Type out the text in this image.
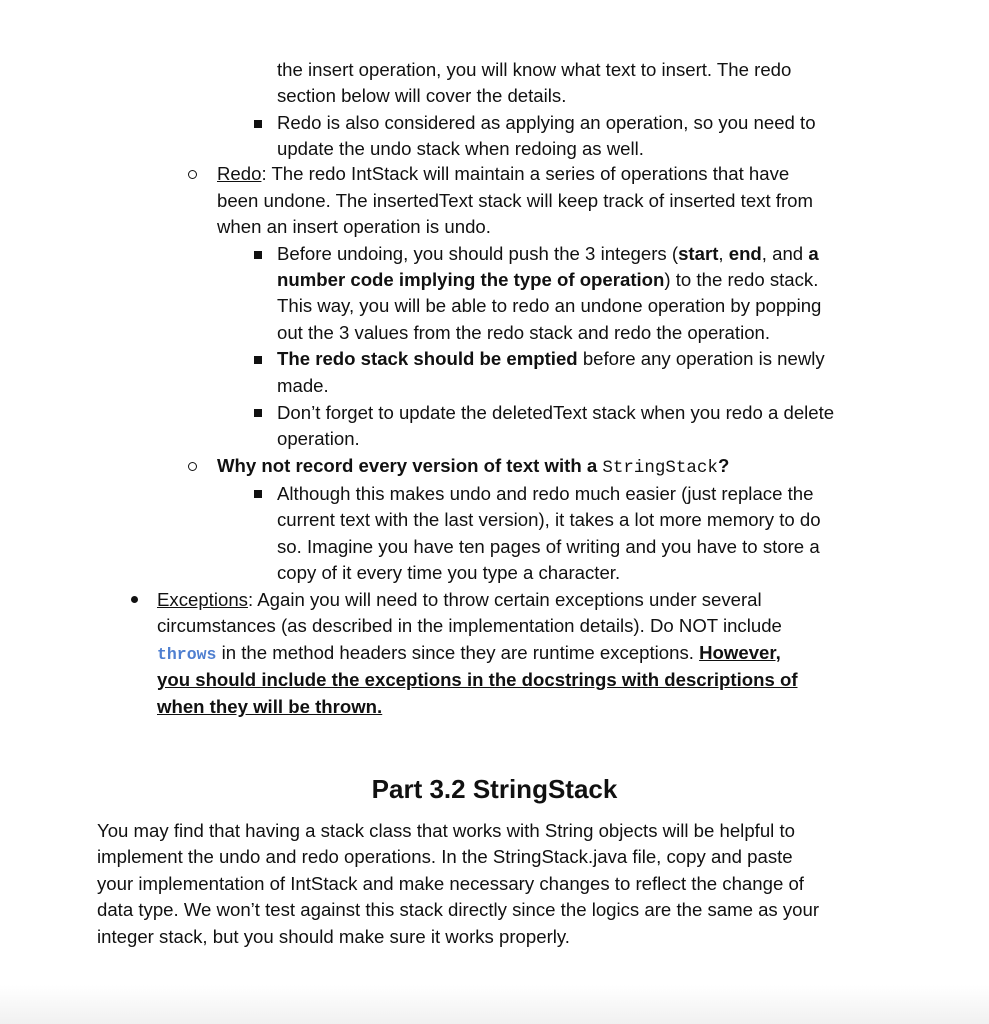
the insert operation, you will know what text to insert. The redo
section below will cover the details.
Redo is also considered as applying an operation, so you need to
update the undo stack when redoing as well.
Redo: The redo IntStack will maintain a series of operations that have
been undone. The insertedText stack will keep track of inserted text from
when an insert operation is undo.
Before undoing, you should push the 3 integers (start, end, and a
number code implying the type of operation) to the redo stack.
This way, you will be able to redo an undone operation by popping
out the 3 values from the redo stack and redo the operation.
The redo stack should be emptied before any operation is newly
made.
Don’t forget to update the deletedText stack when you redo a delete
operation.
Why not record every version of text with a StringStack?
Although this makes undo and redo much easier (just replace the
current text with the last version), it takes a lot more memory to do
so. Imagine you have ten pages of writing and you have to store a
copy of it every time you type a character.
Exceptions: Again you will need to throw certain exceptions under several
circumstances (as described in the implementation details). Do NOT include
throws in the method headers since they are runtime exceptions. However,
you should include the exceptions in the docstrings with descriptions of
when they will be thrown.
Part 3.2 StringStack
You may find that having a stack class that works with String objects will be helpful to
implement the undo and redo operations. In the StringStack.java file, copy and paste
your implementation of IntStack and make necessary changes to reflect the change of
data type. We won’t test against this stack directly since the logics are the same as your
integer stack, but you should make sure it works properly.
